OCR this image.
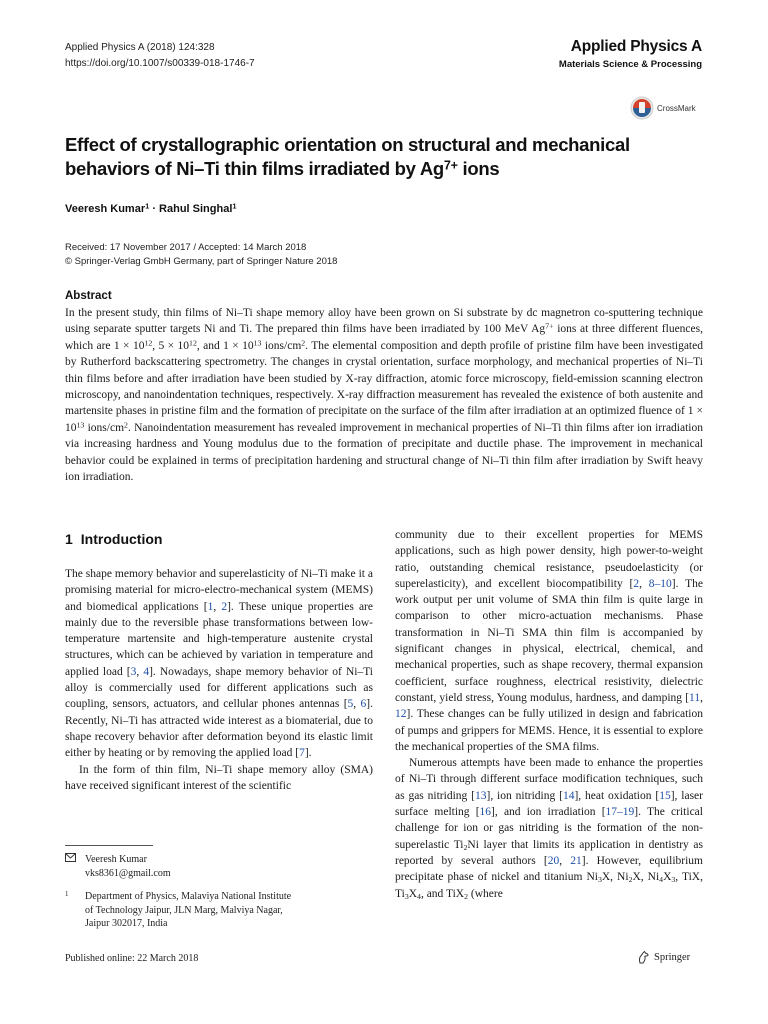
Applied Physics A (2018) 124:328
https://doi.org/10.1007/s00339-018-1746-7
Applied Physics A
Materials Science & Processing
CrossMark
Effect of crystallographic orientation on structural and mechanical behaviors of Ni–Ti thin films irradiated by $Ag^{7+}$ ions
Veeresh Kumar$^1$ · Rahul Singhal$^1$
Received: 17 November 2017 / Accepted: 14 March 2018
© Springer-Verlag GmbH Germany, part of Springer Nature 2018
Abstract
In the present study, thin films of Ni–Ti shape memory alloy have been grown on Si substrate by dc magnetron co-sputtering technique using separate sputter targets Ni and Ti. The prepared thin films have been irradiated by 100 MeV $Ag^{7+}$ ions at three different fluences, which are $1 \times 10^{12}$, $5 \times 10^{12}$, and $1 \times 10^{13}$ ions/$cm^2$. The elemental composition and depth profile of pristine film have been investigated by Rutherford backscattering spectrometry. The changes in crystal orientation, surface morphology, and mechanical properties of Ni–Ti thin films before and after irradiation have been studied by X-ray diffraction, atomic force microscopy, field-emission scanning electron microscopy, and nanoindentation techniques, respectively. X-ray diffraction measurement has revealed the existence of both austenite and martensite phases in pristine film and the formation of precipitate on the surface of the film after irradiation at an optimized fluence of $1 \times 10^{13}$ ions/$cm^2$. Nanoindentation measurement has revealed improvement in mechanical properties of Ni–Ti thin films after ion irradiation via increasing hardness and Young modulus due to the formation of precipitate and ductile phase. The improvement in mechanical behavior could be explained in terms of precipitation hardening and structural change of Ni–Ti thin film after irradiation by Swift heavy ion irradiation.
1 Introduction

The shape memory behavior and superelasticity of Ni–Ti make it a promising material for micro-electro-mechanical system (MEMS) and biomedical applications [1, 2]. These unique properties are mainly due to the reversible phase transformations between low-temperature martensite and high-temperature austenite crystal structures, which can be achieved by variation in temperature and applied load [3, 4]. Nowadays, shape memory behavior of Ni–Ti alloy is commercially used for different applications such as coupling, sensors, actuators, and cellular phones antennas [5, 6]. Recently, Ni–Ti has attracted wide interest as a biomaterial, due to shape recovery behavior after deformation beyond its elastic limit either by heating or by removing the applied load [7].

In the form of thin film, Ni–Ti shape memory alloy (SMA) have received significant interest of the scientific

community due to their excellent properties for MEMS applications, such as high power density, high power-to-weight ratio, outstanding chemical resistance, pseudoelasticity (or superelasticity), and excellent biocompatibility [2, 8–10]. The work output per unit volume of SMA thin film is quite large in comparison to other micro-actuation mechanisms. Phase transformation in Ni–Ti SMA thin film is accompanied by significant changes in physical, electrical, chemical, and mechanical properties, such as shape recovery, thermal expansion coefficient, surface roughness, electrical resistivity, dielectric constant, yield stress, Young modulus, hardness, and damping [11, 12]. These changes can be fully utilized in design and fabrication of pumps and grippers for MEMS. Hence, it is essential to explore the mechanical properties of the SMA films.

Numerous attempts have been made to enhance the properties of Ni–Ti through different surface modification techniques, such as gas nitriding [13], ion nitriding [14], heat oxidation [15], laser surface melting [16], and ion irradiation [17–19]. The critical challenge for ion or gas nitriding is the formation of the non-superelastic $Ti_2Ni$ layer that limits its application in dentistry as reported by several authors [20, 21]. However, equilibrium precipitate phase of nickel and titanium $Ni_3X$, $Ni_2X$, $Ni_4X_3$, TiX, $Ti_3X_4$, and TiX$_2$ (where

Veeresh Kumar
vks8361@gmail.com
$^1$	Department of Physics, Malaviya National Institute
of Technology Jaipur, JLN Marg, Malviya Nagar,
Jaipur 302017, India
Published online: 22 March 2018	Springer
